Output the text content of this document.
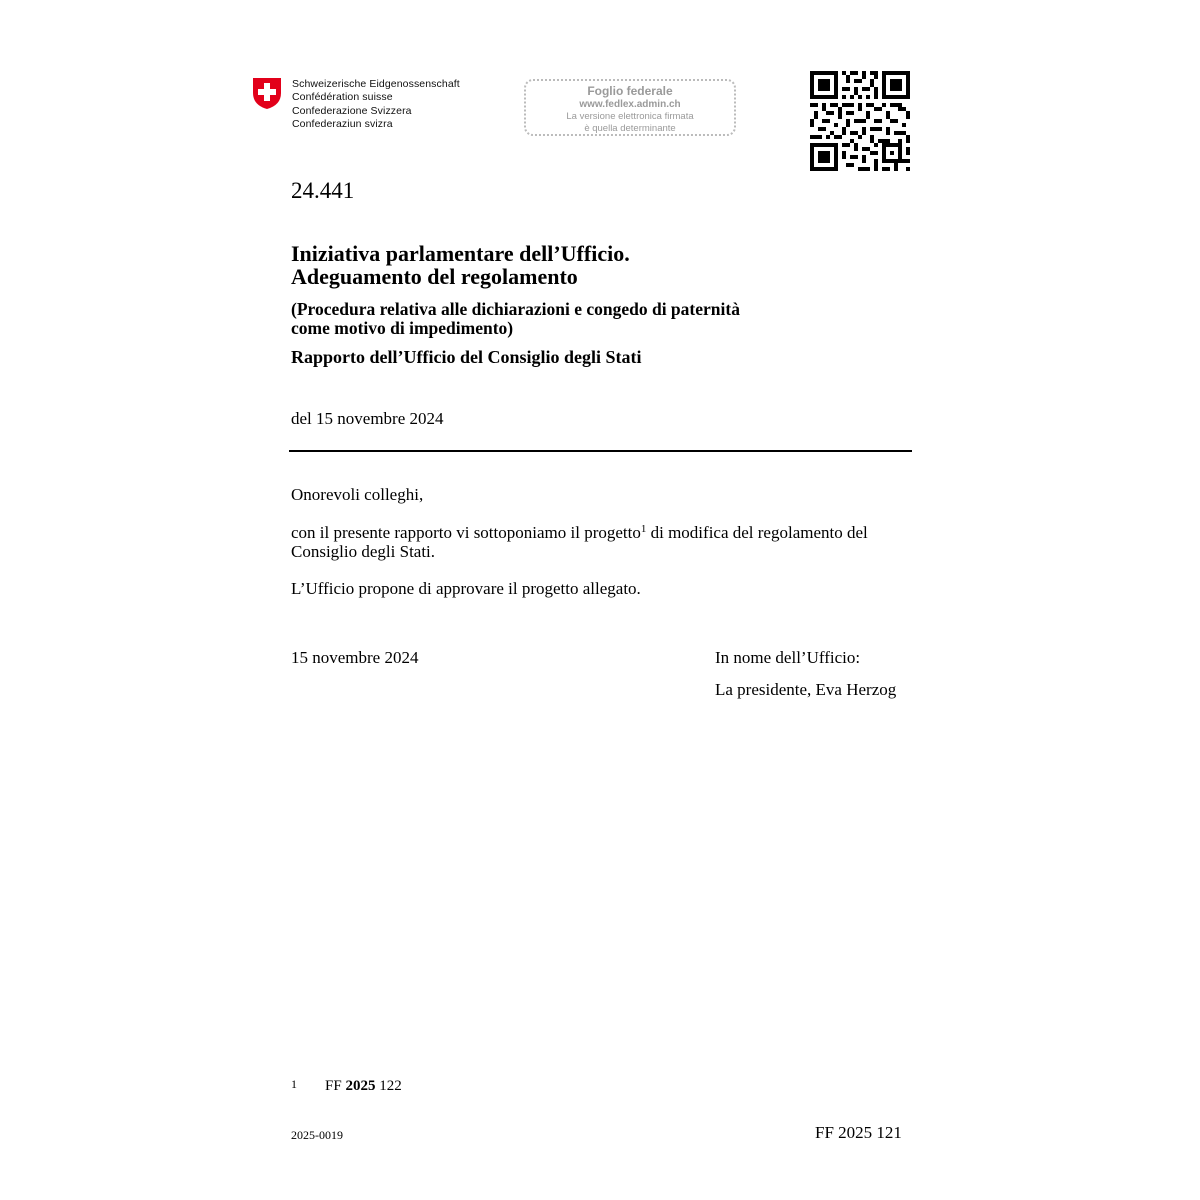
Schweizerische Eidgenossenschaft
Confédération suisse
Confederazione Svizzera
Confederaziun svizra
Foglio federale
www.fedlex.admin.ch
La versione elettronica firmata
è quella determinante
24.441
Iniziativa parlamentare dell’Ufficio.
Adeguamento del regolamento
(Procedura relativa alle dichiarazioni e congedo di paternità
come motivo di impedimento)
Rapporto dell’Ufficio del Consiglio degli Stati
del 15 novembre 2024
Onorevoli colleghi,
con il presente rapporto vi sottoponiamo il progetto$^1$ di modifica del regolamento del
Consiglio degli Stati.
L’Ufficio propone di approvare il progetto allegato.
15 novembre 2024	In nome dell’Ufficio:
La presidente, Eva Herzog
1 FF 2025 122
2025-0019	FF 2025 121
